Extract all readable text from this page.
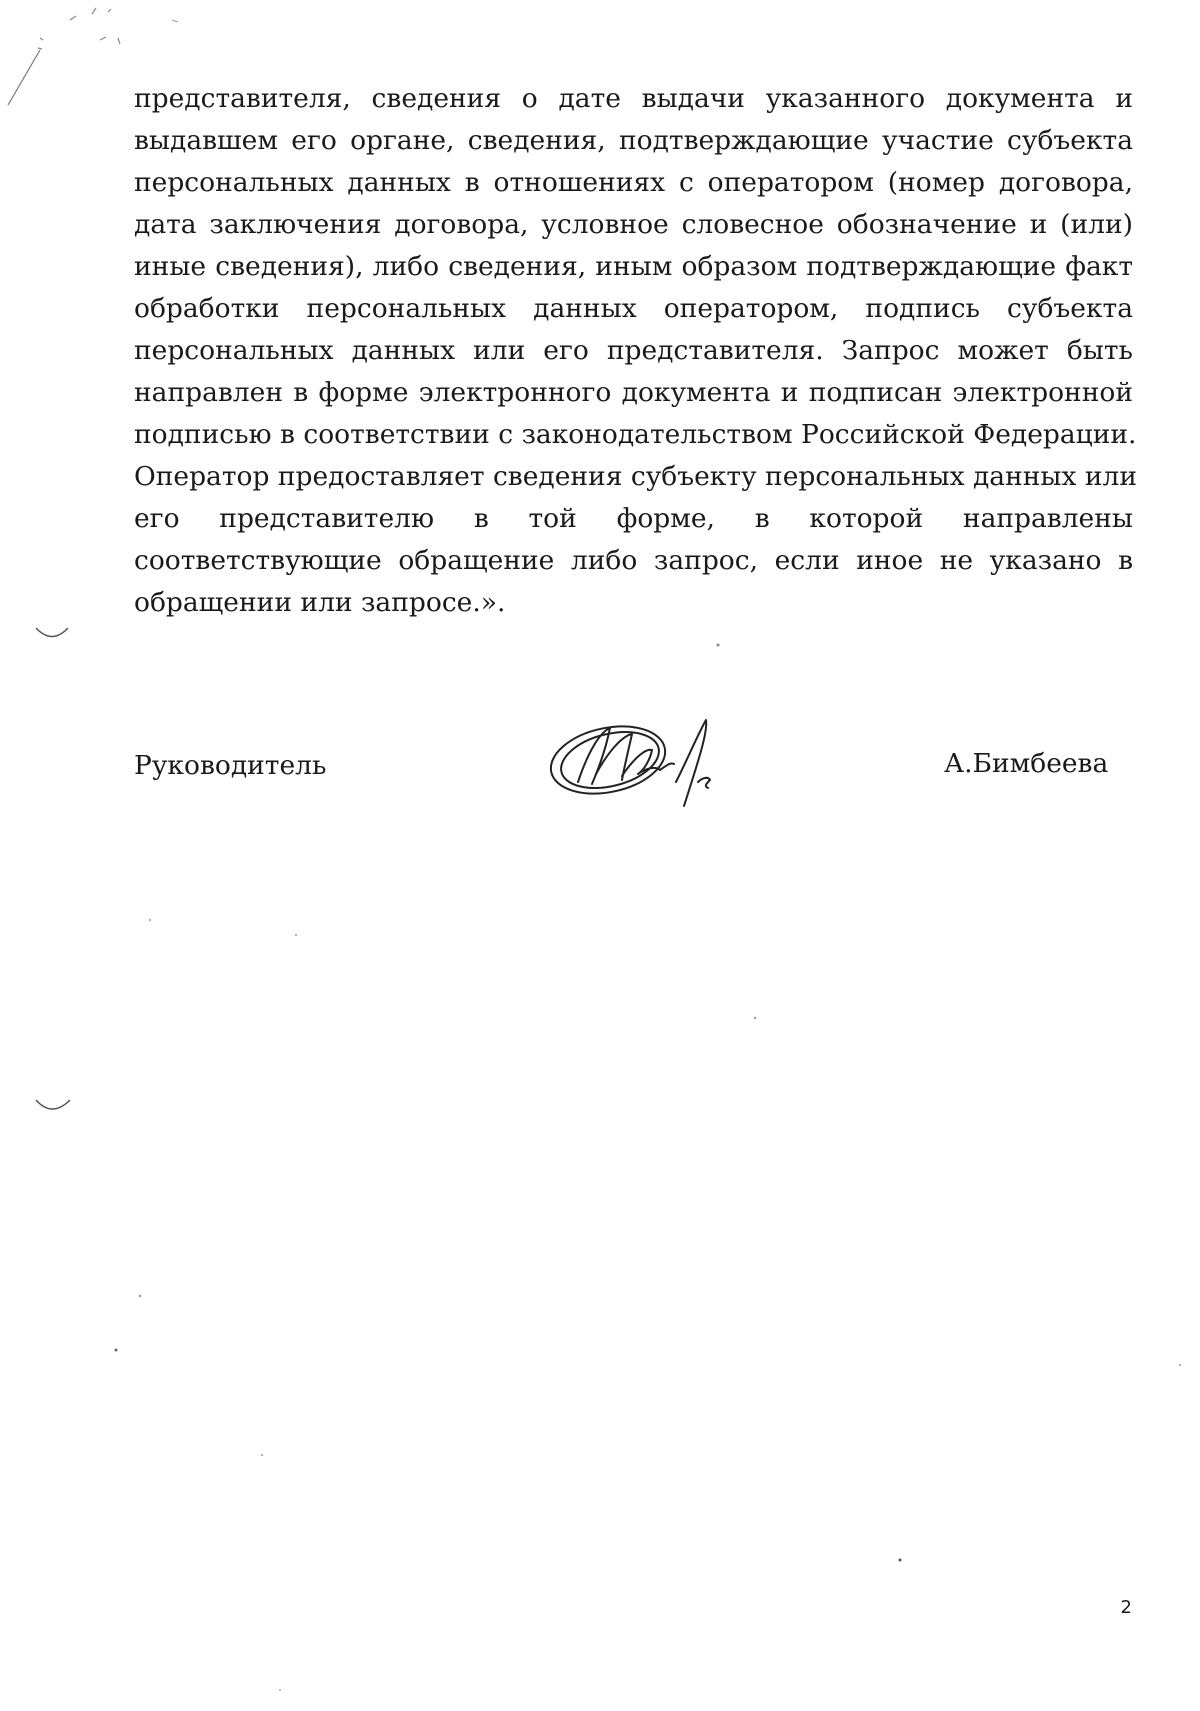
представителя, сведения о дате выдачи указанного документа и
выдавшем его органе, сведения, подтверждающие участие субъекта
персональных данных в отношениях с оператором (номер договора,
дата заключения договора, условное словесное обозначение и (или)
иные сведения), либо сведения, иным образом подтверждающие факт
обработки персональных данных оператором, подпись субъекта
персональных данных или его представителя. Запрос может быть
направлен в форме электронного документа и подписан электронной
подписью в соответствии с законодательством Российской Федерации.
Оператор предоставляет сведения субъекту персональных данных или
его представителю в той форме, в которой направлены
соответствующие обращение либо запрос, если иное не указано в
обращении или запросе.».
Руководитель	А.Бимбеева
2
